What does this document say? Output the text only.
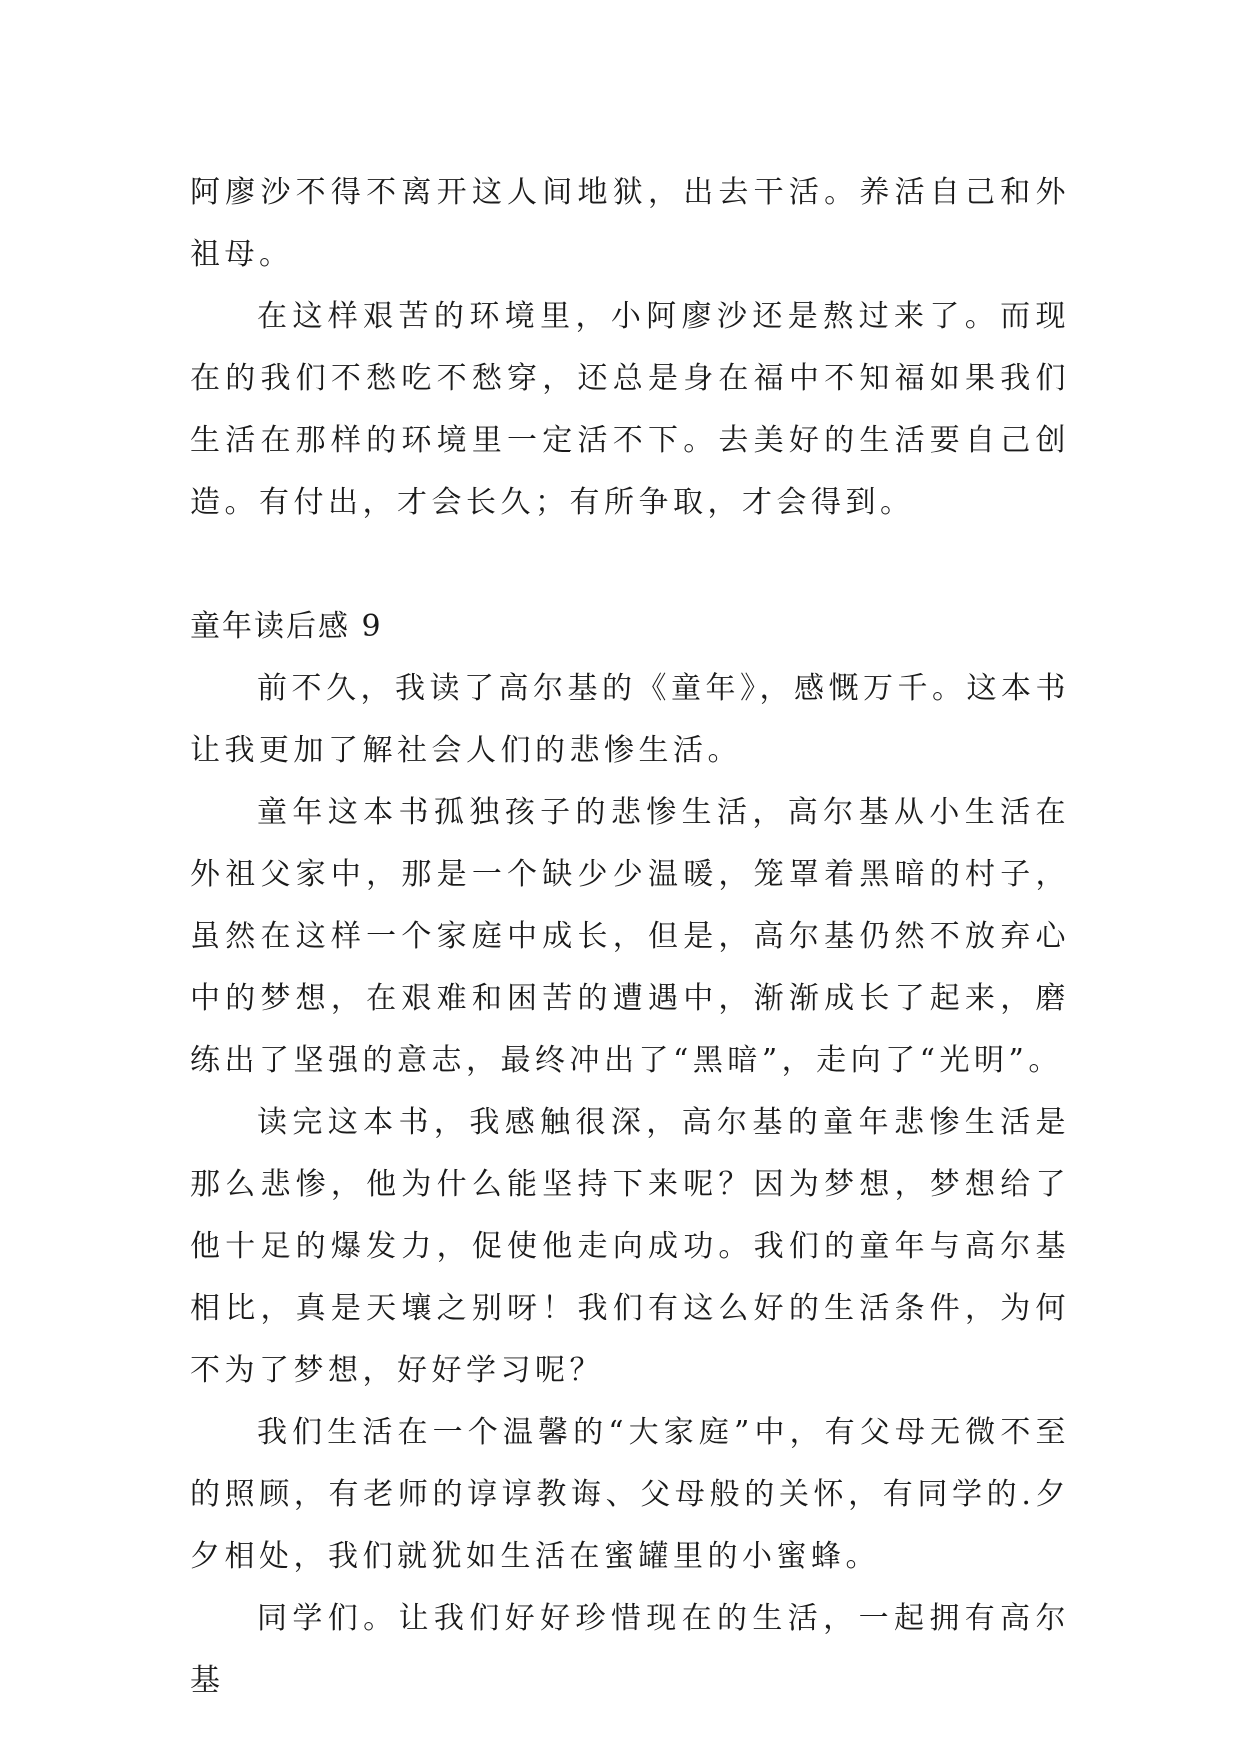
阿廖沙不得不离开这人间地狱，出去干活。养活自己和外祖母。

在这样艰苦的环境里，小阿廖沙还是熬过来了。而现在的我们不愁吃不愁穿，还总是身在福中不知福如果我们生活在那样的环境里一定活不下。去美好的生活要自己创造。有付出，才会长久；有所争取，才会得到。

童年读后感 9

前不久，我读了高尔基的《童年》，感慨万千。这本书让我更加了解社会人们的悲惨生活。

童年这本书孤独孩子的悲惨生活，高尔基从小生活在外祖父家中，那是一个缺少少温暖，笼罩着黑暗的村子，虽然在这样一个家庭中成长，但是，高尔基仍然不放弃心中的梦想，在艰难和困苦的遭遇中，渐渐成长了起来，磨练出了坚强的意志，最终冲出了“黑暗”，走向了“光明”。

读完这本书，我感触很深，高尔基的童年悲惨生活是那么悲惨，他为什么能坚持下来呢？因为梦想，梦想给了他十足的爆发力，促使他走向成功。我们的童年与高尔基相比，真是天壤之别呀！我们有这么好的生活条件，为何不为了梦想，好好学习呢？

我们生活在一个温馨的“大家庭”中，有父母无微不至的照顾，有老师的谆谆教诲、父母般的关怀，有同学的.夕夕相处，我们就犹如生活在蜜罐里的小蜜蜂。

同学们。让我们好好珍惜现在的生活，一起拥有高尔基
